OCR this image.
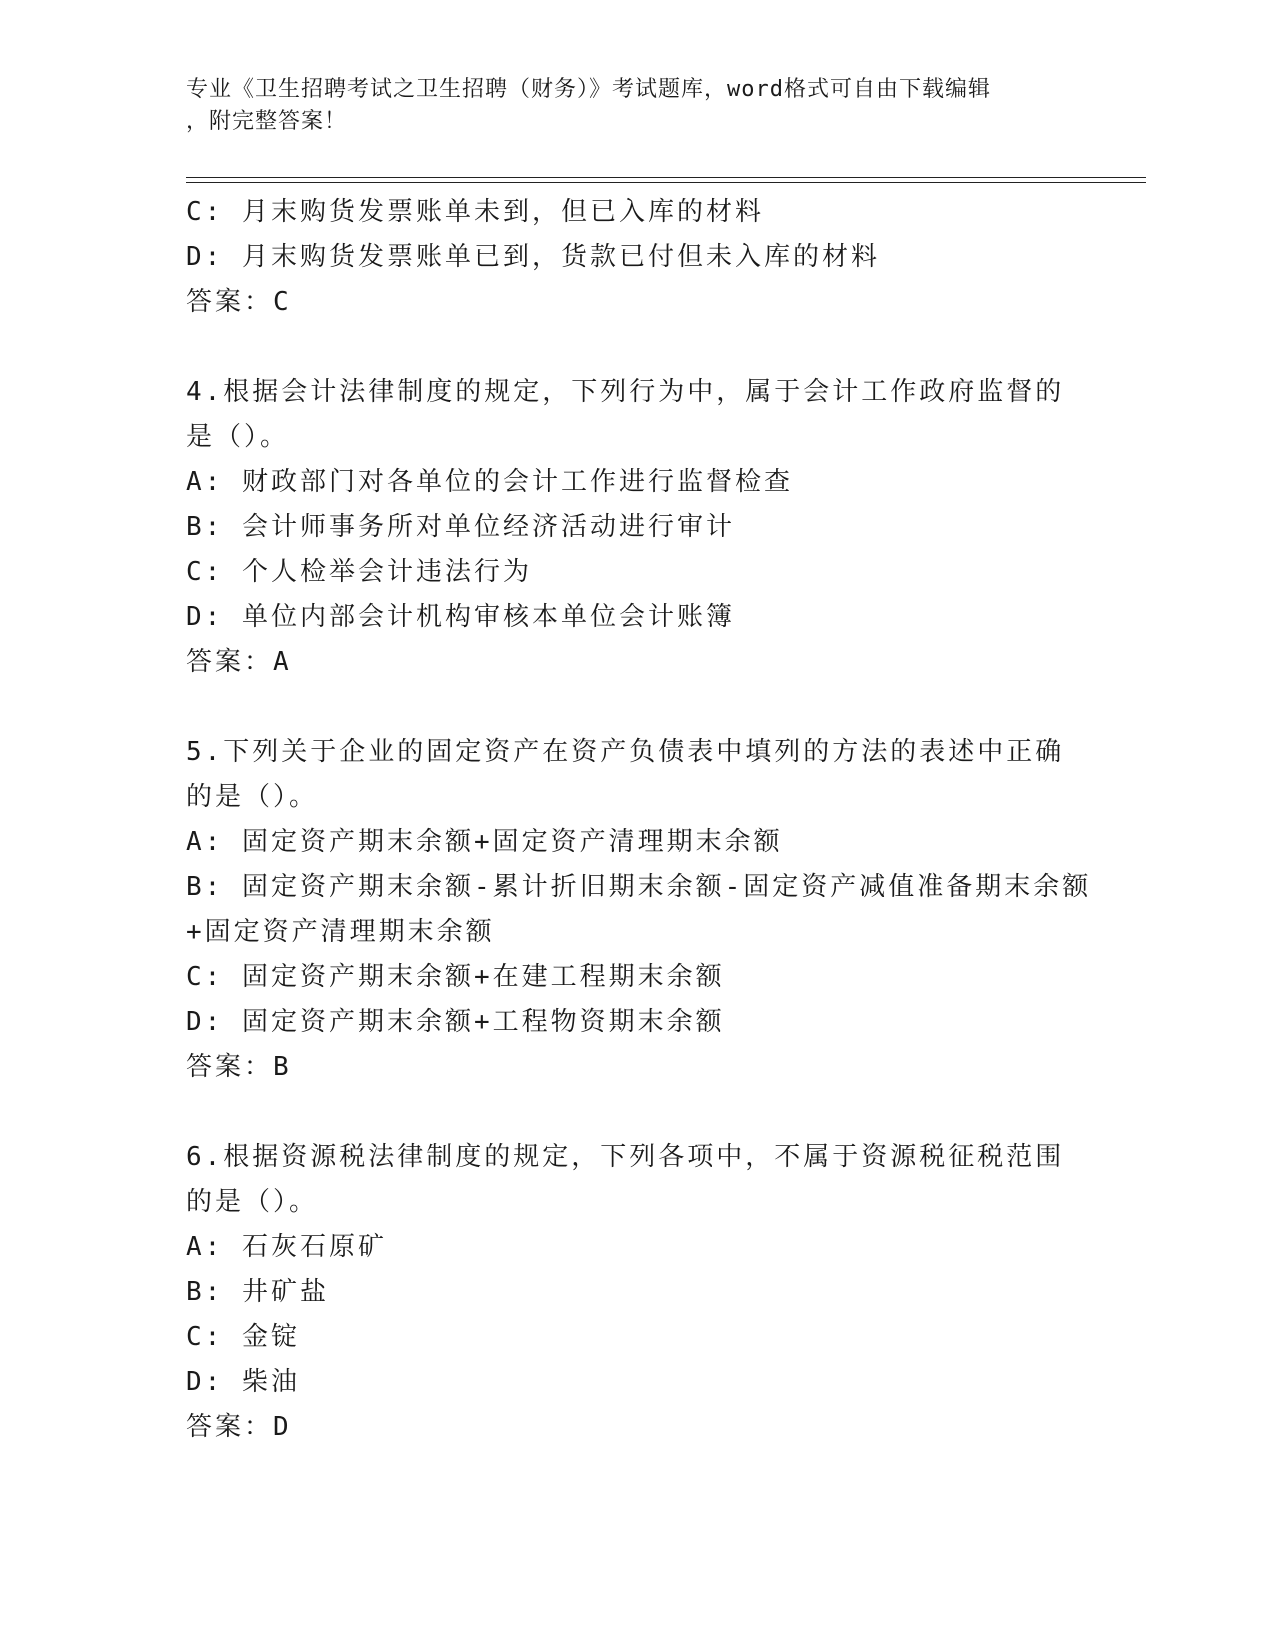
专业《卫生招聘考试之卫生招聘（财务）》考试题库，word格式可自由下载编辑
，附完整答案！
C: 月末购货发票账单未到，但已入库的材料
D: 月末购货发票账单已到，货款已付但未入库的材料
答案：C
4.根据会计法律制度的规定，下列行为中，属于会计工作政府监督的
是（）。
A: 财政部门对各单位的会计工作进行监督检查
B: 会计师事务所对单位经济活动进行审计
C: 个人检举会计违法行为
D: 单位内部会计机构审核本单位会计账簿
答案：A
5.下列关于企业的固定资产在资产负债表中填列的方法的表述中正确
的是（）。
A: 固定资产期末余额+固定资产清理期末余额
B: 固定资产期末余额-累计折旧期末余额-固定资产减值准备期末余额
+固定资产清理期末余额
C: 固定资产期末余额+在建工程期末余额
D: 固定资产期末余额+工程物资期末余额
答案：B
6.根据资源税法律制度的规定，下列各项中，不属于资源税征税范围
的是（）。
A: 石灰石原矿
B: 井矿盐
C: 金锭
D: 柴油
答案：D
